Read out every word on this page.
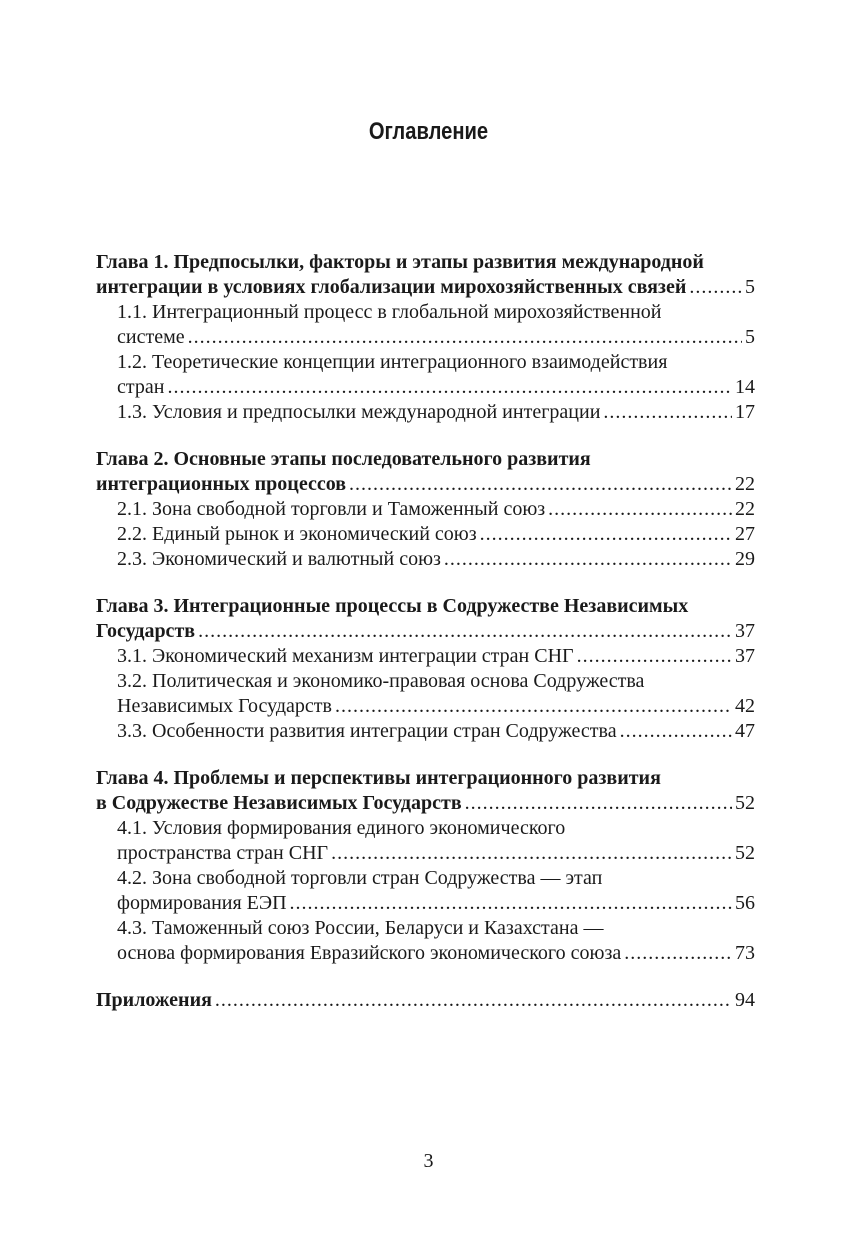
Оглавление
Глава 1. Предпосылки, факторы и этапы развития международной
интеграции в условиях глобализации мирохозяйственных связей . . .	5
1.1. Интеграционный процесс в глобальной мирохозяйственной
системе . . .	5
1.2. Теоретические концепции интеграционного взаимодействия
стран . . .	14
1.3. Условия и предпосылки международной интеграции . . .	17
Глава 2. Основные этапы последовательного развития
интеграционных процессов . . .	22
2.1. Зона свободной торговли и Таможенный союз . . .	22
2.2. Единый рынок и экономический союз . . .	27
2.3. Экономический и валютный союз . . .	29
Глава 3. Интеграционные процессы в Содружестве Независимых
Государств . . .	37
3.1. Экономический механизм интеграции стран СНГ . . .	37
3.2. Политическая и экономико-правовая основа Содружества
Независимых Государств . . .	42
3.3. Особенности развития интеграции стран Содружества . . .	47
Глава 4. Проблемы и перспективы интеграционного развития
в Содружестве Независимых Государств . . .	52
4.1. Условия формирования единого экономического
пространства стран СНГ . . .	52
4.2. Зона свободной торговли стран Содружества — этап
формирования ЕЭП . . .	56
4.3. Таможенный союз России, Беларуси и Казахстана —
основа формирования Евразийского экономического союза . . .	73
Приложения . . .	94
3
